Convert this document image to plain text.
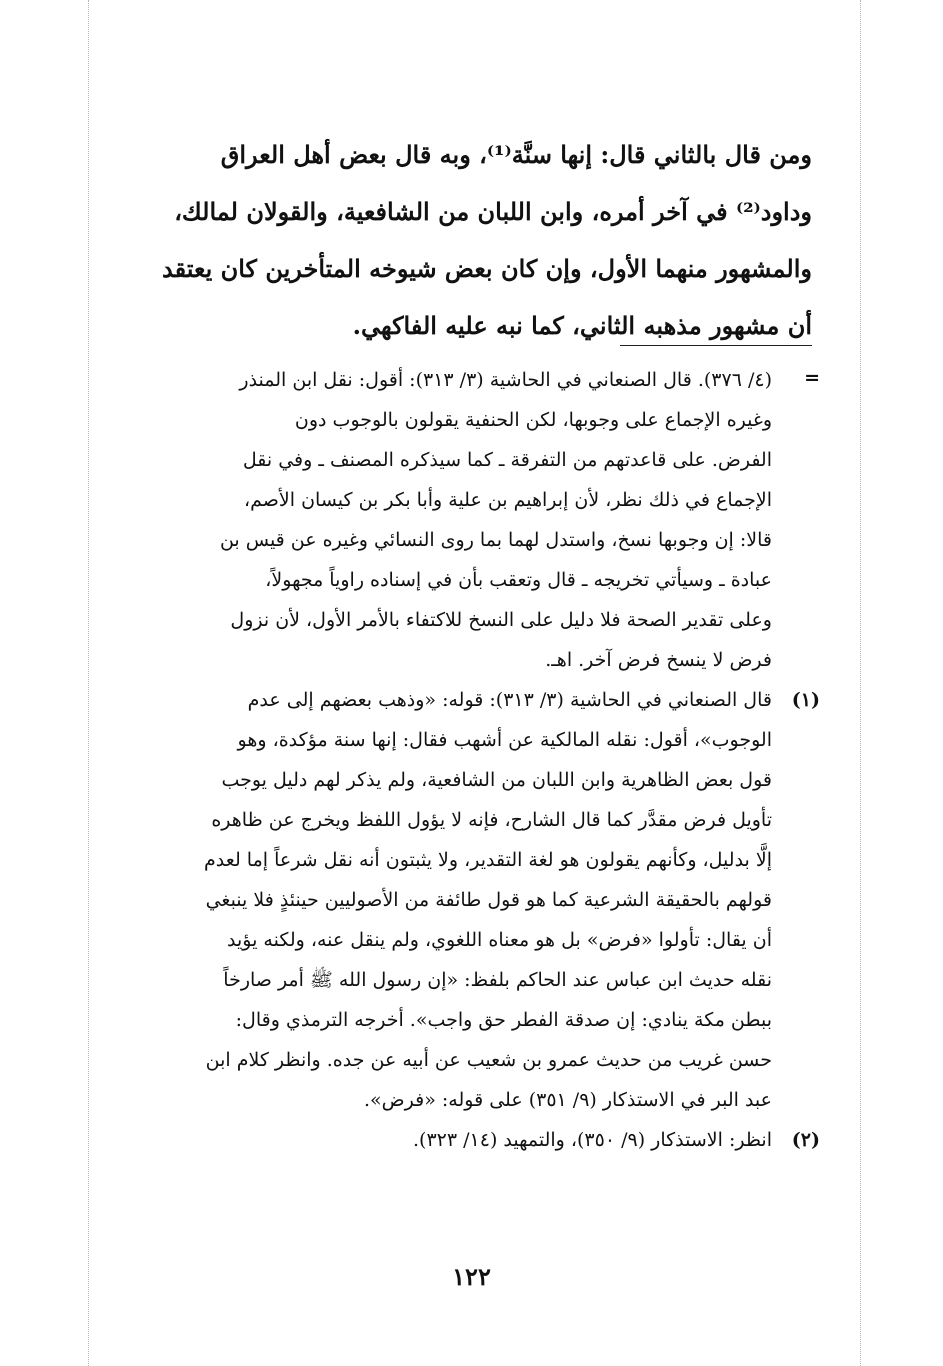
ومن قال بالثاني قال: إنها سنَّة⁽¹⁾، وبه قال بعض أهل العراق
وداود⁽²⁾ في آخر أمره، وابن اللبان من الشافعية، والقولان لمالك،
والمشهور منهما الأول، وإن كان بعض شيوخه المتأخرين كان يعتقد
أن مشهور مذهبه الثاني، كما نبه عليه الفاكهي.
=
(٤/ ٣٧٦). قال الصنعاني في الحاشية (٣/ ٣١٣): أقول: نقل ابن المنذر
وغيره الإجماع على وجوبها، لكن الحنفية يقولون بالوجوب دون
الفرض. على قاعدتهم من التفرقة ـ كما سيذكره المصنف ـ وفي نقل
الإجماع في ذلك نظر، لأن إبراهيم بن علية وأبا بكر بن كيسان الأصم،
قالا: إن وجوبها نسخ، واستدل لهما بما روى النسائي وغيره عن قيس بن
عبادة ـ وسيأتي تخريجه ـ قال وتعقب بأن في إسناده راوياً مجهولاً،
وعلى تقدير الصحة فلا دليل على النسخ للاكتفاء بالأمر الأول، لأن نزول
فرض لا ينسخ فرض آخر. اهـ.
(١)
قال الصنعاني في الحاشية (٣/ ٣١٣): قوله: «وذهب بعضهم إلى عدم
الوجوب»، أقول: نقله المالكية عن أشهب فقال: إنها سنة مؤكدة، وهو
قول بعض الظاهرية وابن اللبان من الشافعية، ولم يذكر لهم دليل يوجب
تأويل فرض مقدَّر كما قال الشارح، فإنه لا يؤول اللفظ ويخرج عن ظاهره
إلَّا بدليل، وكأنهم يقولون هو لغة التقدير، ولا يثبتون أنه نقل شرعاً إما لعدم
قولهم بالحقيقة الشرعية كما هو قول طائفة من الأصوليين حينئذٍ فلا ينبغي
أن يقال: تأولوا «فرض» بل هو معناه اللغوي، ولم ينقل عنه، ولكنه يؤيد
نقله حديث ابن عباس عند الحاكم بلفظ: «إن رسول الله ﷺ أمر صارخاً
ببطن مكة ينادي: إن صدقة الفطر حق واجب». أخرجه الترمذي وقال:
حسن غريب من حديث عمرو بن شعيب عن أبيه عن جده. وانظر كلام ابن
عبد البر في الاستذكار (٩/ ٣٥١) على قوله: «فرض».
(٢)
انظر: الاستذكار (٩/ ٣٥٠)، والتمهيد (١٤/ ٣٢٣).
١٢٢
